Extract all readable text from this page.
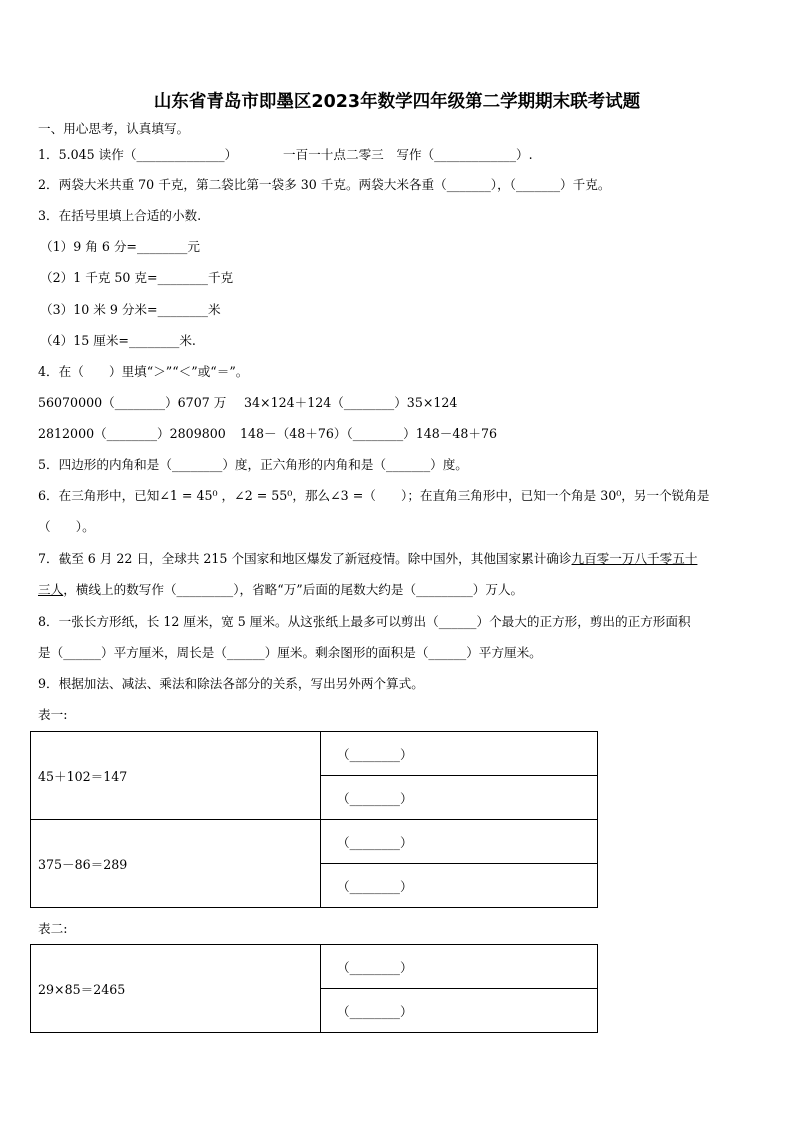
山东省青岛市即墨区2023年数学四年级第二学期期末联考试题
一、用心思考，认真填写。
1．5.045 读作（______________）	一百一十点二零三　写作（_____________）.
2．两袋大米共重 70 千克，第二袋比第一袋多 30 千克。两袋大米各重（_______），（_______）千克。
3．在括号里填上合适的小数.
（1）9 角 6 分=________元
（2）1 千克 50 克=________千克
（3）10 米 9 分米=________米
（4）15 厘米=________米.
4．在（　　）里填“＞”“＜”或“＝”。
56070000（________）6707 万 34×124＋124（________）35×124
2812000（________）2809800 148－（48＋76）（________）148－48＋76
5．四边形的内角和是（________）度，正六角形的内角和是（_______）度。
6．在三角形中，已知∠1 = 45⁰ ，∠2 = 55⁰，那么∠3 =（　　）；在直角三角形中，已知一个角是 30⁰，另一个锐角是
（　　）。
7．截至 6 月 22 日，全球共 215 个国家和地区爆发了新冠疫情。除中国外，其他国家累计确诊九百零一万八千零五十
三人，横线上的数写作（_________），省略“万”后面的尾数大约是（_________）万人。
8．一张长方形纸，长 12 厘米，宽 5 厘米。从这张纸上最多可以剪出（______）个最大的正方形，剪出的正方形面积
是（______）平方厘米，周长是（______）厘米。剩余图形的面积是（______）平方厘米。
9．根据加法、减法、乘法和除法各部分的关系，写出另外两个算式。
表一:
45＋102＝147	（________）
	（________）
375－86＝289	（________）
	（________）
表二:
29×85＝2465	（________）
（________）
